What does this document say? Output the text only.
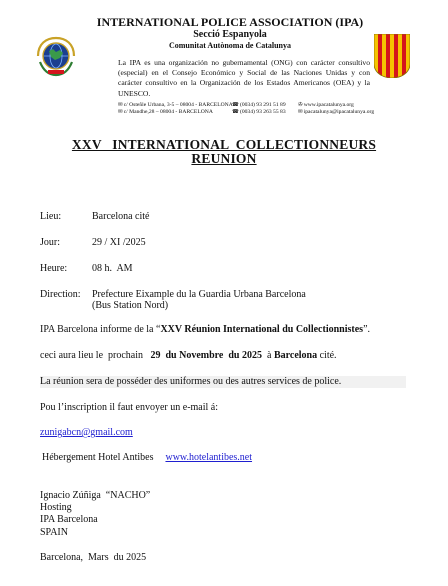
INTERNATIONAL POLICE ASSOCIATION (IPA)
Secció Espanyola
Comunitat Autònoma de Catalunya
La IPA es una organización no gubernamental (ONG) con carácter consultivo (especial) en el Consejo Económico y Social de las Naciones Unidas y con carácter consultivo en la Organización de los Estados Americanos (OEA) y la UNESCO.
✉c/ Osteñle Urbana, 3-5 – 08004 - BARCELONA
✉c/ Mandhe,28 – 08004 - BARCELONA
☎(0034) 93 291 51 89
☎(0034) 93 263 55 83
✇www.ipacatalunya.org
✉ipacatalunya@ipacatalunya.org
XXV   INTERNATIONAL  COLLECTIONNEURS
REUNION
Lieu:	Barcelona cité
Jour:	29 / XI /2025
Heure: 08 h.  AM
Direction: Prefecture Eixample du la Guardia Urbana Barcelona
(Bus Station Nord)
IPA Barcelona informe de la “XXV Réunion International du Collectionnistes”.
ceci aura lieu le  prochain   29  du Novembre  du 2025  à Barcelona cité.
La réunion sera de posséder des uniformes ou des autres services de police.
Pou l’inscription il faut envoyer un e-mail á:
zunigabcn@gmail.com
Hébergement Hotel Antibes www.hotelantibes.net
Ignacio Zúñiga  “NACHO”
Hosting
IPA Barcelona
SPAIN
Barcelona,  Mars  du 2025
